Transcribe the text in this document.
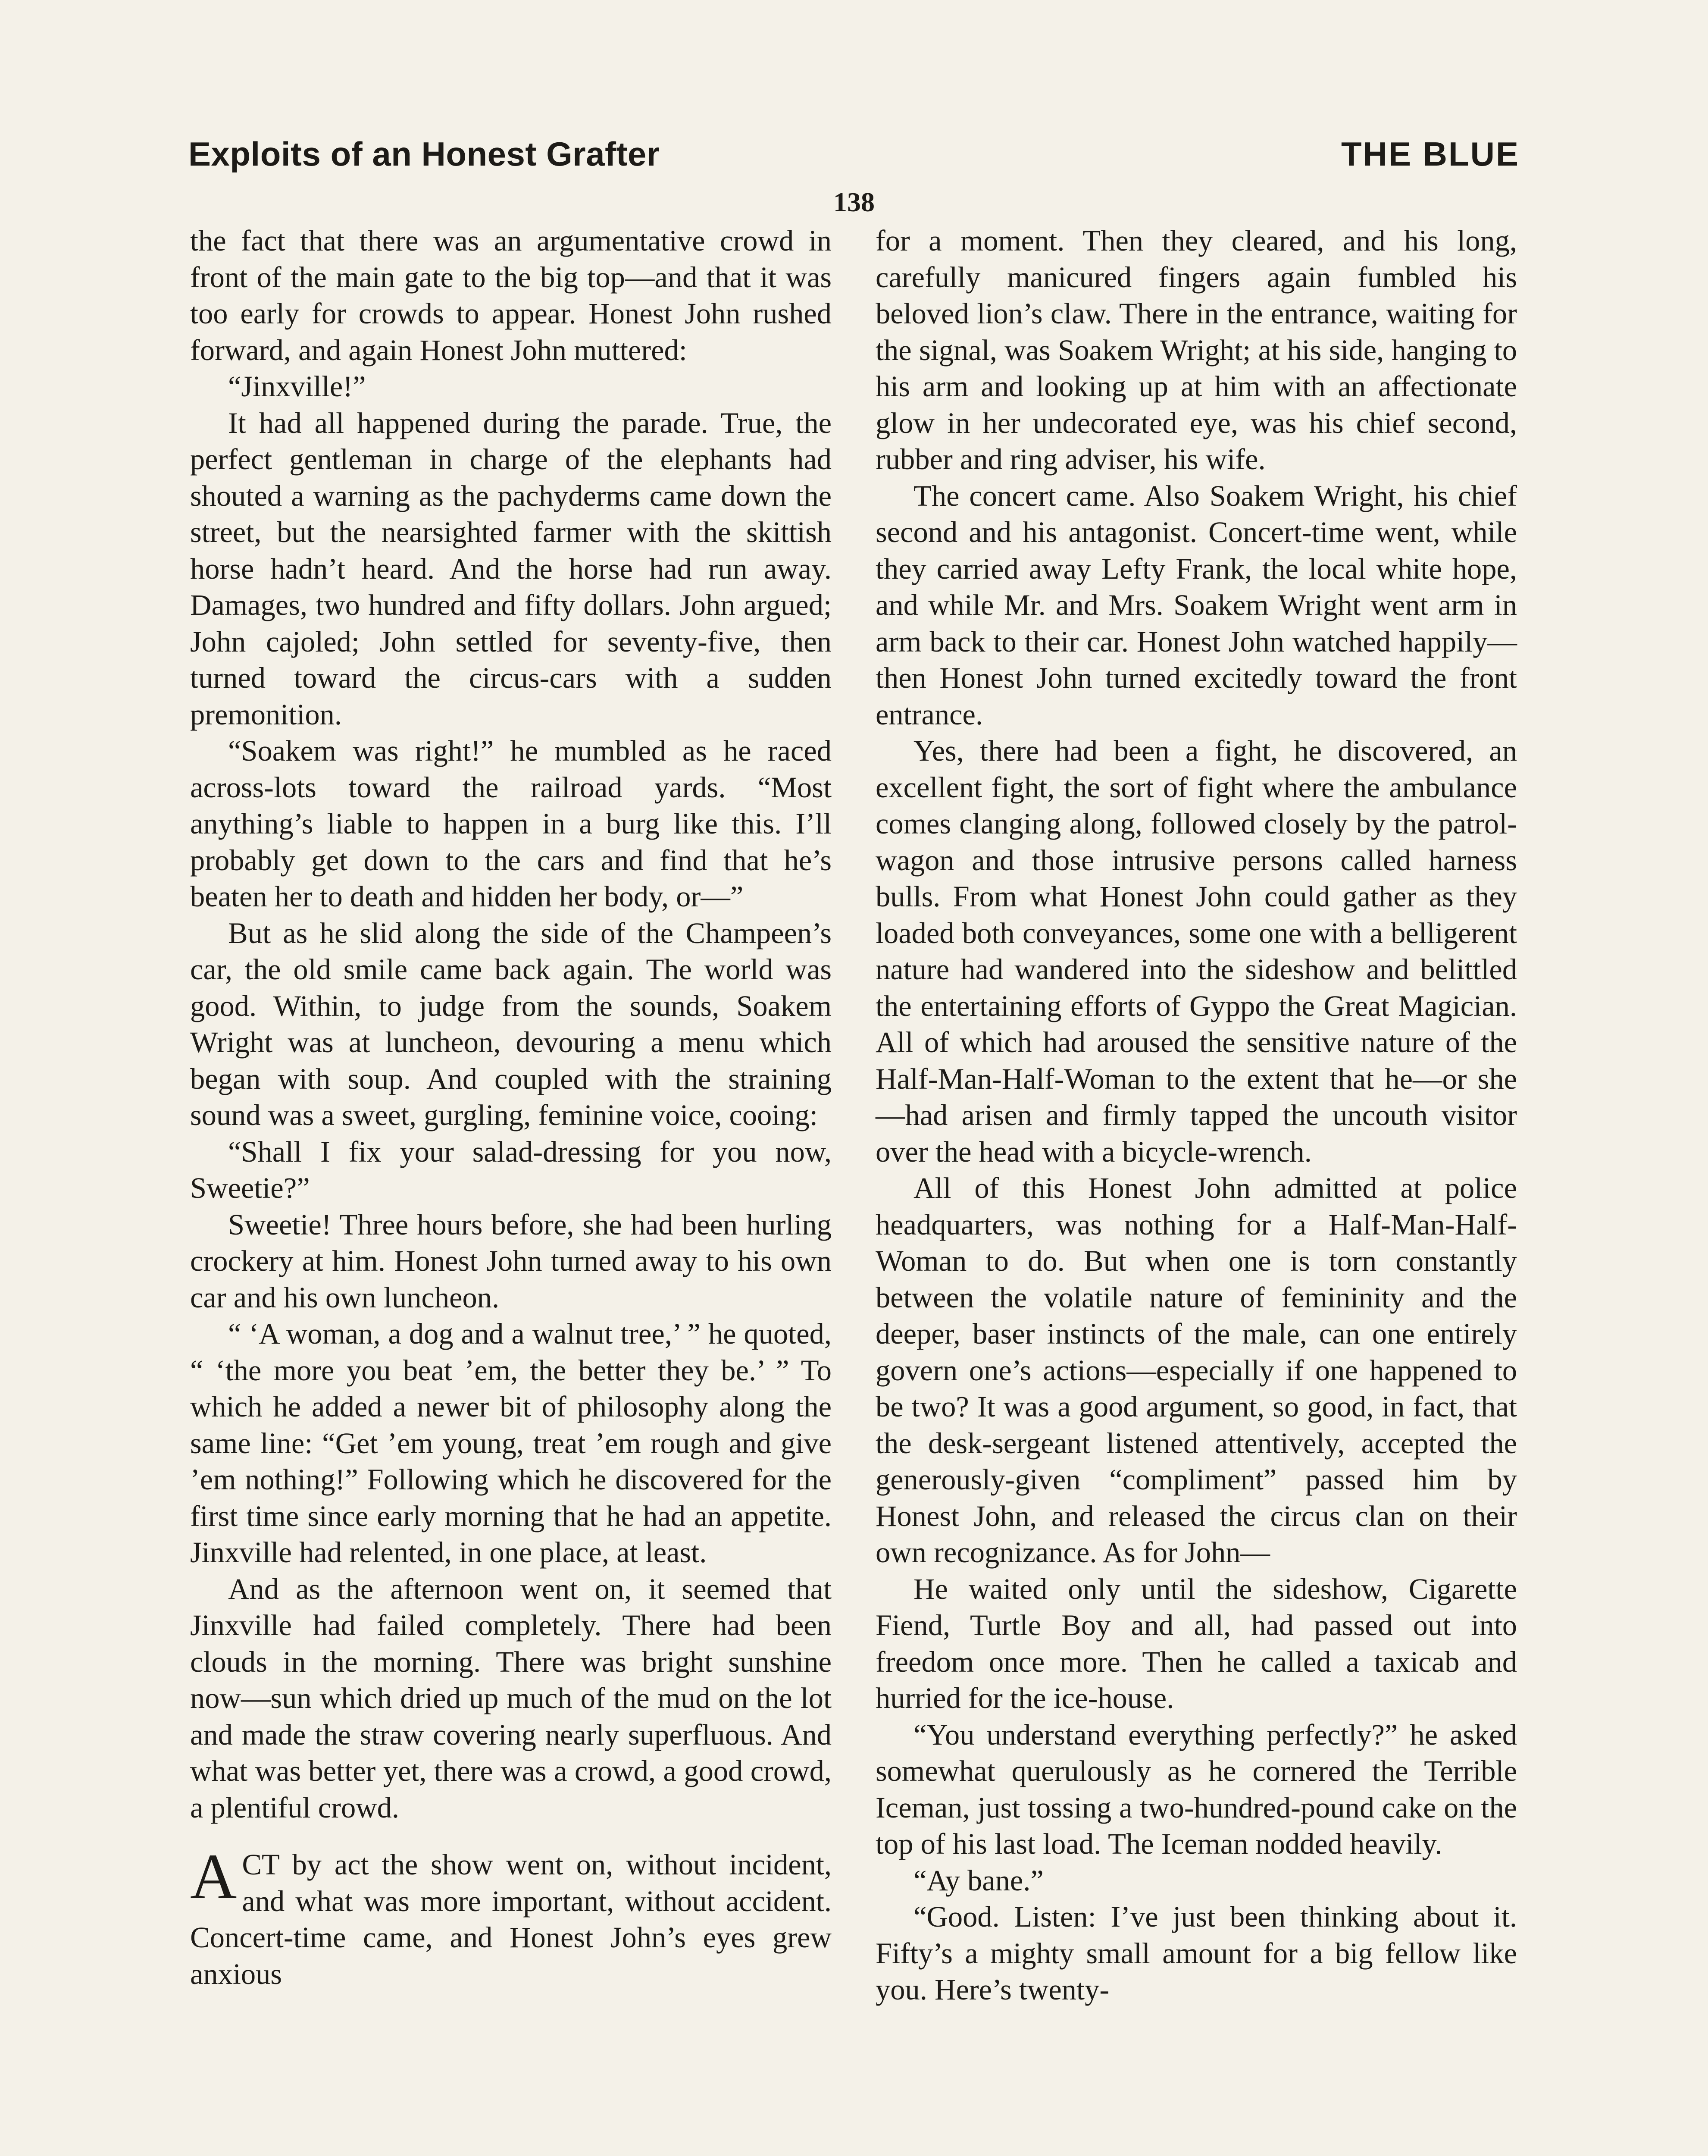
Exploits of an Honest Grafter	THE BLUE
138

the fact that there was an argumentative crowd in front of the main gate to the big top—and that it was too early for crowds to appear. Honest John rushed forward, and again Honest John muttered:

“Jinxville!”

It had all happened during the parade. True, the perfect gentleman in charge of the elephants had shouted a warning as the pachyderms came down the street, but the nearsighted farmer with the skittish horse hadn’t heard. And the horse had run away. Damages, two hundred and fifty dollars. John argued; John cajoled; John settled for seventy-five, then turned toward the circus-cars with a sudden premonition.

“Soakem was right!” he mumbled as he raced across-lots toward the railroad yards. “Most anything’s liable to happen in a burg like this. I’ll probably get down to the cars and find that he’s beaten her to death and hidden her body, or—”

But as he slid along the side of the Champeen’s car, the old smile came back again. The world was good. Within, to judge from the sounds, Soakem Wright was at luncheon, devouring a menu which began with soup. And coupled with the straining sound was a sweet, gurgling, feminine voice, cooing:

“Shall I fix your salad-dressing for you now, Sweetie?”

Sweetie! Three hours before, she had been hurling crockery at him. Honest John turned away to his own car and his own luncheon.

“ ‘A woman, a dog and a walnut tree,’ ” he quoted, “ ‘the more you beat ’em, the better they be.’ ” To which he added a newer bit of philosophy along the same line: “Get ’em young, treat ’em rough and give ’em nothing!” Following which he discovered for the first time since early morning that he had an appetite. Jinxville had relented, in one place, at least.

And as the afternoon went on, it seemed that Jinxville had failed completely. There had been clouds in the morning. There was bright sunshine now—sun which dried up much of the mud on the lot and made the straw covering nearly superfluous. And what was better yet, there was a crowd, a good crowd, a plentiful crowd.

ACT by act the show went on, without incident, and what was more important, without accident. Concert-time came, and Honest John’s eyes grew anxious

for a moment. Then they cleared, and his long, carefully manicured fingers again fumbled his beloved lion’s claw. There in the entrance, waiting for the signal, was Soakem Wright; at his side, hanging to his arm and looking up at him with an affectionate glow in her undecorated eye, was his chief second, rubber and ring adviser, his wife.

The concert came. Also Soakem Wright, his chief second and his antagonist. Concert-time went, while they carried away Lefty Frank, the local white hope, and while Mr. and Mrs. Soakem Wright went arm in arm back to their car. Honest John watched happily—then Honest John turned excitedly toward the front entrance.

Yes, there had been a fight, he discovered, an excellent fight, the sort of fight where the ambulance comes clanging along, followed closely by the patrol-wagon and those intrusive persons called harness bulls. From what Honest John could gather as they loaded both conveyances, some one with a belligerent nature had wandered into the sideshow and belittled the entertaining efforts of Gyppo the Great Magician. All of which had aroused the sensitive nature of the Half-Man-Half-Woman to the extent that he—or she—had arisen and firmly tapped the uncouth visitor over the head with a bicycle-wrench.

All of this Honest John admitted at police headquarters, was nothing for a Half-Man-Half-Woman to do. But when one is torn constantly between the volatile nature of femininity and the deeper, baser instincts of the male, can one entirely govern one’s actions—especially if one happened to be two? It was a good argument, so good, in fact, that the desk-sergeant listened attentively, accepted the generously-given “compliment” passed him by Honest John, and released the circus clan on their own recognizance. As for John—

He waited only until the sideshow, Cigarette Fiend, Turtle Boy and all, had passed out into freedom once more. Then he called a taxicab and hurried for the ice-house.

“You understand everything perfectly?” he asked somewhat querulously as he cornered the Terrible Iceman, just tossing a two-hundred-pound cake on the top of his last load. The Iceman nodded heavily.

“Ay bane.”

“Good. Listen: I’ve just been thinking about it. Fifty’s a mighty small amount for a big fellow like you. Here’s twenty-
